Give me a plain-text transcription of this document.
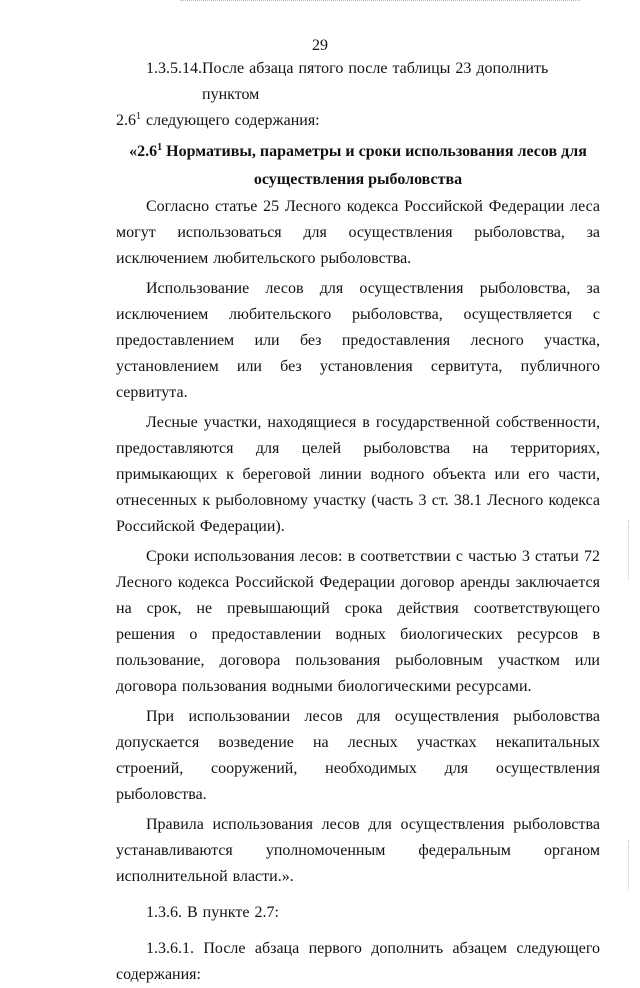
29
1.3.5.14. После абзаца пятого после таблицы 23 дополнить пунктом

$2.6^1$ следующего содержания:

«$2.6^1$ Нормативы, параметры и сроки использования лесов для
осуществления рыболовства

Согласно статье 25 Лесного кодекса Российской Федерации леса могут использоваться для осуществления рыболовства, за исключением любительского рыболовства.

Использование лесов для осуществления рыболовства, за
исключением любительского рыболовства, осуществляется с

предоставлением или без предоставления лесного участка, установлением или без установления сервитута, публичного сервитута.

Лесные участки, находящиеся в государственной собственности, предоставляются для целей рыболовства на территориях, примыкающих к береговой линии водного объекта или его части, отнесенных к рыболовному участку (часть 3 ст. 38.1 Лесного кодекса Российской Федерации).

Сроки использования лесов: в соответствии с частью 3 статьи 72 Лесного кодекса Российской Федерации договор аренды заключается на срок, не превышающий срока действия соответствующего решения о предоставлении водных биологических ресурсов в пользование, договора пользования рыболовным участком или договора пользования водными биологическими ресурсами.

При использовании лесов для осуществления рыболовства

допускается возведение на лесных участках некапитальных строений, сооружений, необходимых для осуществления рыболовства.

Правила использования лесов для осуществления рыболовства

устанавливаются уполномоченным федеральным органом исполнительной власти.».

1.3.6. В пункте 2.7:

1.3.6.1. После абзаца первого дополнить абзацем следующего

содержания:
